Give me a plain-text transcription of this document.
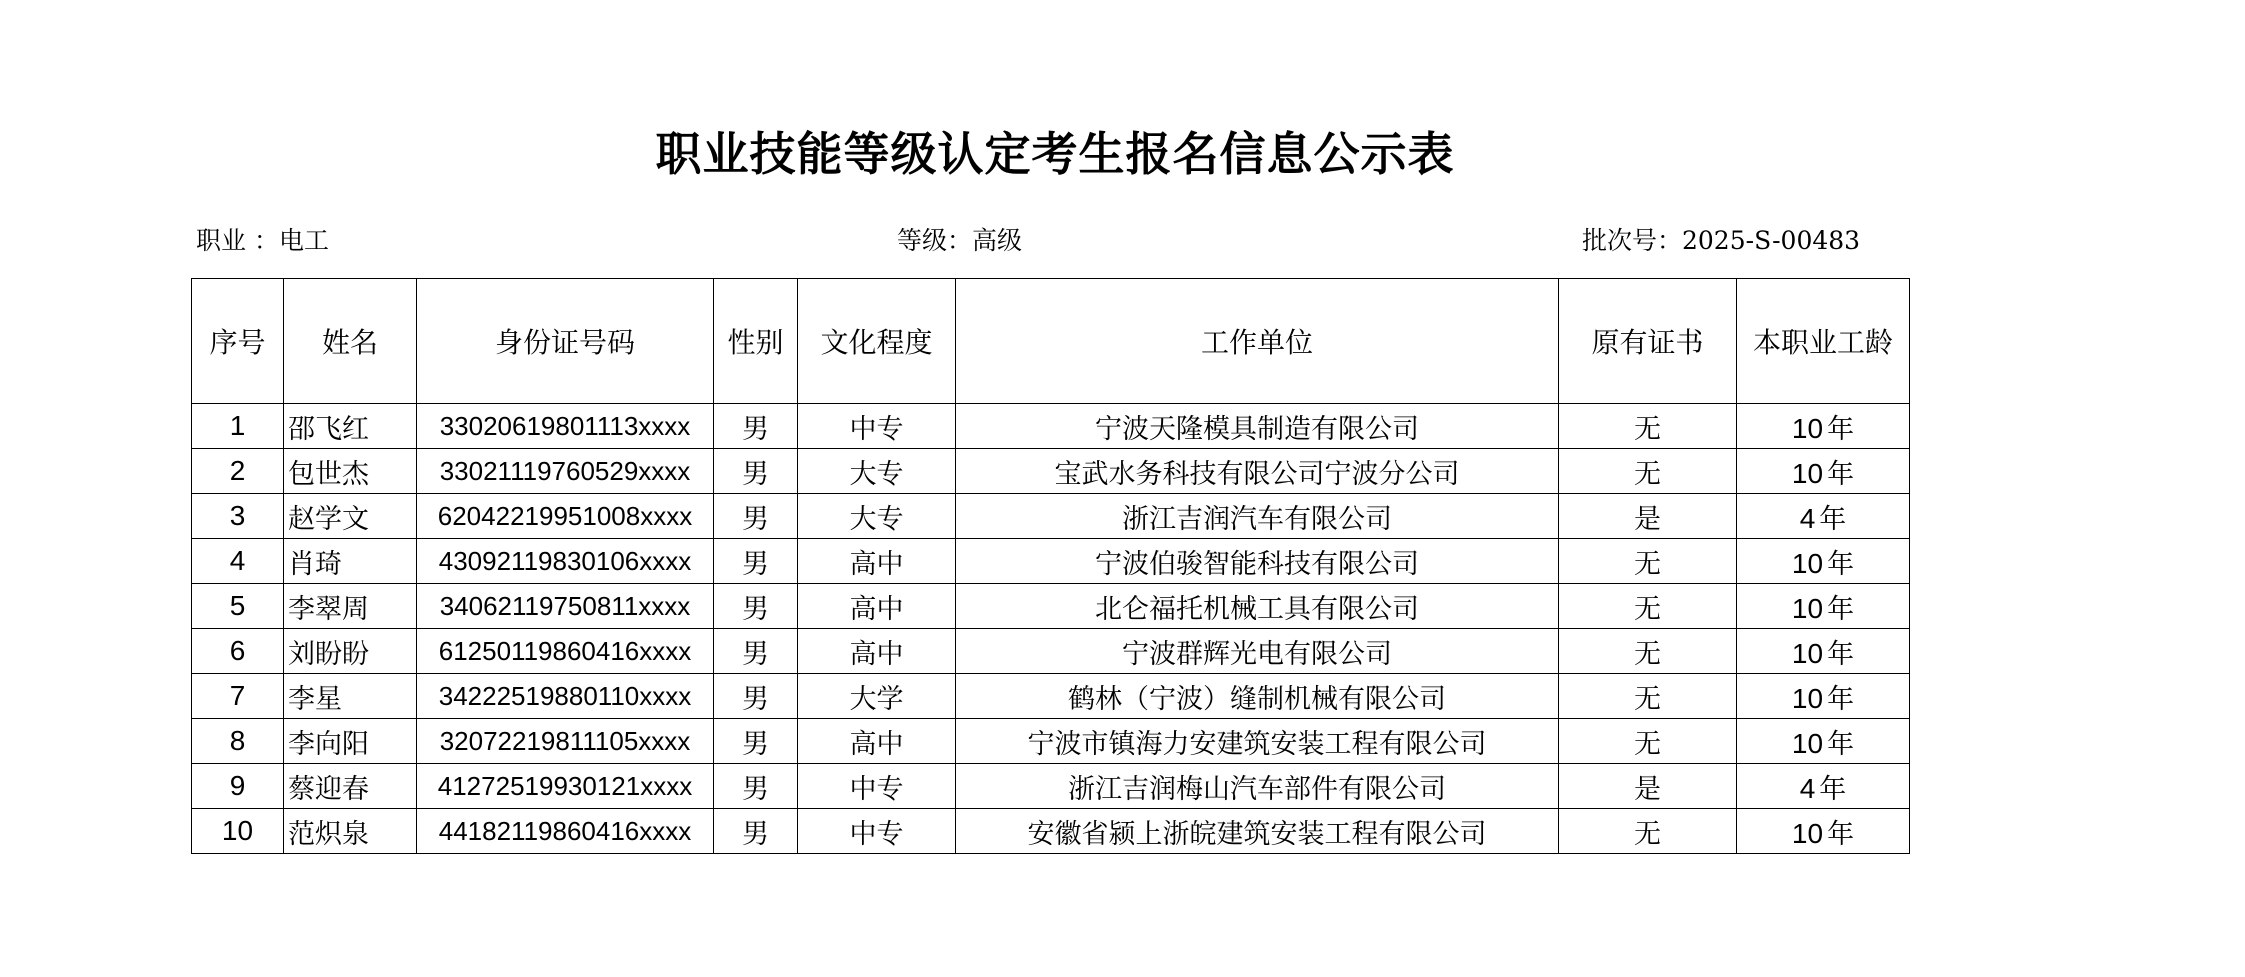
职业技能等级认定考生报名信息公示表
职业 ：电工	等级：高级	批次号：2025-S-00483
序号	姓名	身份证号码	性别	文化程度	工作单位	原有证书	本职业工龄
1	邵飞红	33020619801113xxxx	男	中专	宁波天隆模具制造有限公司	无	10 年
2	包世杰	33021119760529xxxx	男	大专	宝武水务科技有限公司宁波分公司	无	10 年
3	赵学文	62042219951008xxxx	男	大专	浙江吉润汽车有限公司	是	4 年
4	肖琦	43092119830106xxxx	男	高中	宁波伯骏智能科技有限公司	无	10 年
5	李翠周	34062119750811xxxx	男	高中	北仑福托机械工具有限公司	无	10 年
6	刘盼盼	61250119860416xxxx	男	高中	宁波群辉光电有限公司	无	10 年
7	李星	34222519880110xxxx	男	大学	鹤林（宁波）缝制机械有限公司	无	10 年
8	李向阳	32072219811105xxxx	男	高中	宁波市镇海力安建筑安装工程有限公司	无	10 年
9	蔡迎春	41272519930121xxxx	男	中专	浙江吉润梅山汽车部件有限公司	是	4 年
10	范炽泉	44182119860416xxxx	男	中专	安徽省颍上浙皖建筑安装工程有限公司	无	10 年
